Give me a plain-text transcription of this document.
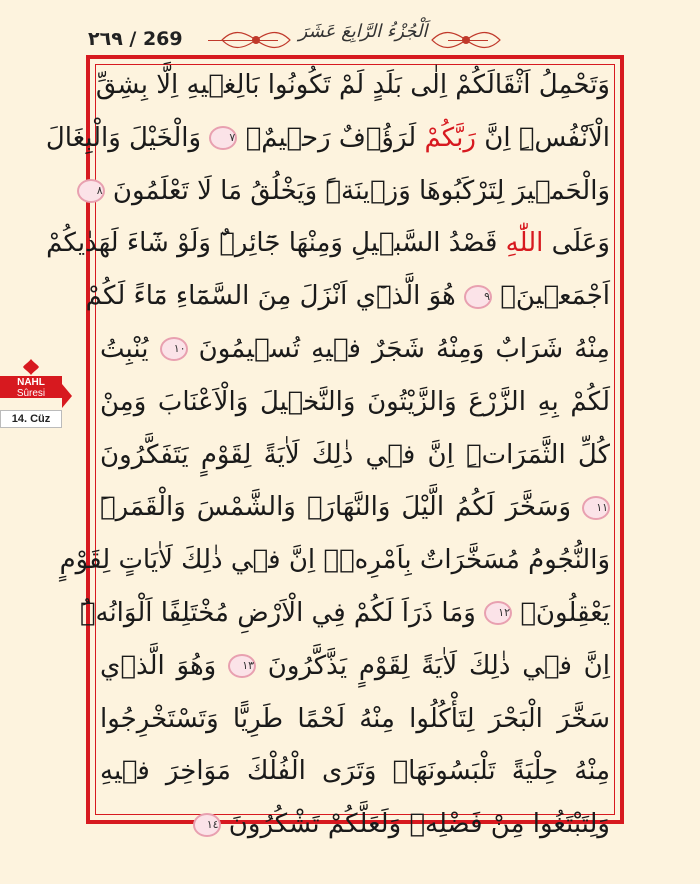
٢٦٩ / 269	اَلْجُزْءُ الرَّابِعَ عَشَرَ
NAHL
Sûresi
14. Cüz
وَتَحْمِلُ اَثْقَالَكُمْ اِلٰى بَلَدٍ لَمْ تَكُونُوا بَالِغٖيهِ اِلَّا بِشِقِّ
الْاَنْفُسِۜ اِنَّ رَبَّكُمْ لَرَؤُ۫فٌ رَحٖيمٌۙ ٧ وَالْخَيْلَ وَالْبِغَالَ
وَالْحَمٖيرَ لِتَرْكَبُوهَا وَزٖينَةًۜ وَيَخْلُقُ مَا لَا تَعْلَمُونَ ٨
وَعَلَى اللّٰهِ قَصْدُ السَّبٖيلِ وَمِنْهَا جَٓائِرٌۜ وَلَوْ شَٓاءَ لَهَدٰيكُمْ
اَجْمَعٖينَ۟ ٩ هُوَ الَّذٖٓي اَنْزَلَ مِنَ السَّمَٓاءِ مَٓاءً لَكُمْ
مِنْهُ شَرَابٌ وَمِنْهُ شَجَرٌ فٖيهِ تُسٖيمُونَ ١٠ يُنْبِتُ
لَكُمْ بِهِ الزَّرْعَ وَالزَّيْتُونَ وَالنَّخٖيلَ وَالْاَعْنَابَ وَمِنْ
كُلِّ الثَّمَرَاتِۜ اِنَّ فٖي ذٰلِكَ لَاٰيَةً لِقَوْمٍ يَتَفَكَّرُونَ
١١ وَسَخَّرَ لَكُمُ الَّيْلَ وَالنَّهَارَۙ وَالشَّمْسَ وَالْقَمَرَۜ
وَالنُّجُومُ مُسَخَّرَاتٌ بِاَمْرِهٖۜ اِنَّ فٖي ذٰلِكَ لَاٰيَاتٍ لِقَوْمٍ
يَعْقِلُونَۙ ١٢ وَمَا ذَرَاَ لَكُمْ فِي الْاَرْضِ مُخْتَلِفًا اَلْوَانُهُۜ
اِنَّ فٖي ذٰلِكَ لَاٰيَةً لِقَوْمٍ يَذَّكَّرُونَ ١٣ وَهُوَ الَّذٖي
سَخَّرَ الْبَحْرَ لِتَأْكُلُوا مِنْهُ لَحْمًا طَرِيًّا وَتَسْتَخْرِجُوا
مِنْهُ حِلْيَةً تَلْبَسُونَهَاۚ وَتَرَى الْفُلْكَ مَوَاخِرَ فٖيهِ
وَلِتَبْتَغُوا مِنْ فَضْلِهٖ وَلَعَلَّكُمْ تَشْكُرُونَ ١٤
